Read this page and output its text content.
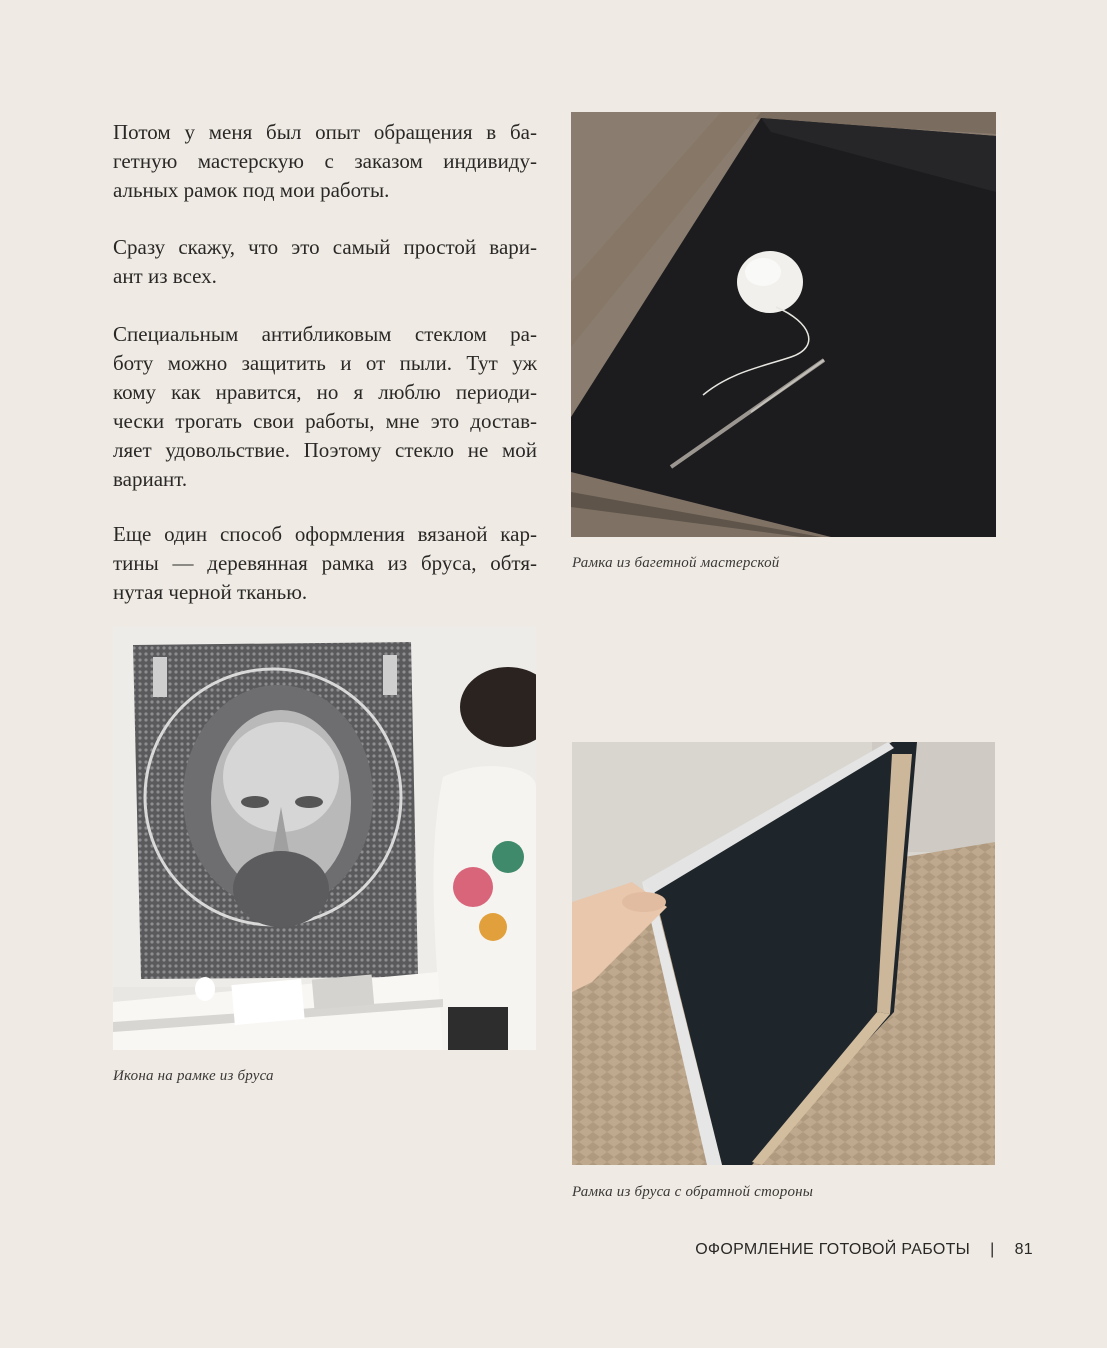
Потом у меня был опыт обращения в ба-
гетную мастерскую с заказом индивиду-
альных рамок под мои работы.
Сразу скажу, что это самый простой вари-
ант из всех.
Специальным антибликовым стеклом ра-
боту можно защитить и от пыли. Тут уж
кому как нравится, но я люблю периоди-
чески трогать свои работы, мне это достав-
ляет удовольствие. Поэтому стекло не мой
вариант.
Еще один способ оформления вязаной кар-
тины — деревянная рамка из бруса, обтя-
нутая черной тканью.
Рамка из багетной мастерской
Икона на рамке из бруса
Рамка из бруса с обратной стороны
ОФОРМЛЕНИЕ ГОТОВОЙ РАБОТЫ | 81
